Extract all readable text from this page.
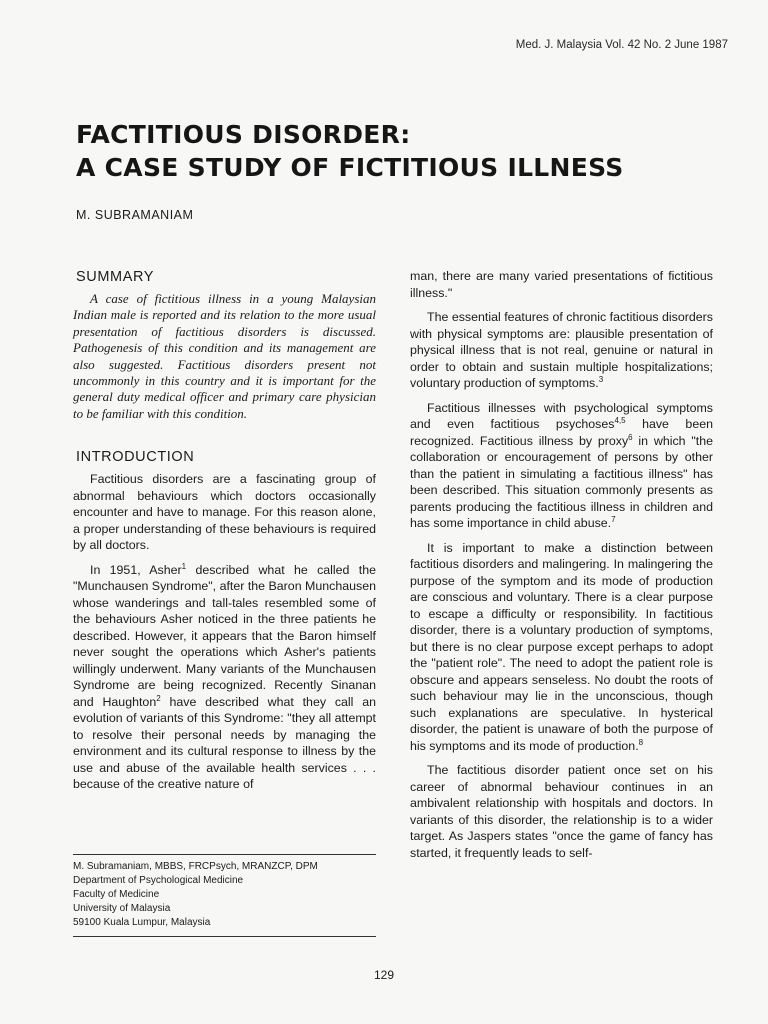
Med. J. Malaysia Vol. 42 No. 2 June 1987
FACTITIOUS DISORDER:
A CASE STUDY OF FICTITIOUS ILLNESS
M. SUBRAMANIAM
SUMMARY
A case of fictitious illness in a young Malaysian Indian male is reported and its relation to the more usual presentation of factitious disorders is discussed. Pathogenesis of this condition and its management are also suggested. Factitious disorders present not uncommonly in this country and it is important for the general duty medical officer and primary care physician to be familiar with this condition.
INTRODUCTION

Factitious disorders are a fascinating group of abnormal behaviours which doctors occasionally encounter and have to manage. For this reason alone, a proper understanding of these behaviours is required by all doctors.

In 1951, Asher$^1$ described what he called the "Munchausen Syndrome", after the Baron Munchausen whose wanderings and tall-tales resembled some of the behaviours Asher noticed in the three patients he described. However, it appears that the Baron himself never sought the operations which Asher's patients willingly underwent. Many variants of the Munchausen Syndrome are being recognized. Recently Sinanan and Haughton$^2$ have described what they call an evolution of variants of this Syndrome: "they all attempt to resolve their personal needs by managing the environment and its cultural response to illness by the use and abuse of the available health services . . . because of the creative nature of

man, there are many varied presentations of fictitious illness."

The essential features of chronic factitious disorders with physical symptoms are: plausible presentation of physical illness that is not real, genuine or natural in order to obtain and sustain multiple hospitalizations; voluntary production of symptoms.$^3$

Factitious illnesses with psychological symptoms and even factitious psychoses$^{4,5}$ have been recognized. Factitious illness by proxy$^6$ in which "the collaboration or encouragement of persons by other than the patient in simulating a factitious illness" has been described. This situation commonly presents as parents producing the factitious illness in children and has some importance in child abuse.$^7$

It is important to make a distinction between factitious disorders and malingering. In malingering the purpose of the symptom and its mode of production are conscious and voluntary. There is a clear purpose to escape a difficulty or responsibility. In factitious disorder, there is a voluntary production of symptoms, but there is no clear purpose except perhaps to adopt the "patient role". The need to adopt the patient role is obscure and appears senseless. No doubt the roots of such behaviour may lie in the unconscious, though such explanations are speculative. In hysterical disorder, the patient is unaware of both the purpose of his symptoms and its mode of production.$^8$

The factitious disorder patient once set on his career of abnormal behaviour continues in an ambivalent relationship with hospitals and doctors. In variants of this disorder, the relationship is to a wider target. As Jaspers states "once the game of fancy has started, it frequently leads to self-

M. Subramaniam, MBBS, FRCPsych, MRANZCP, DPM
Department of Psychological Medicine
Faculty of Medicine
University of Malaysia
59100 Kuala Lumpur, Malaysia
129
